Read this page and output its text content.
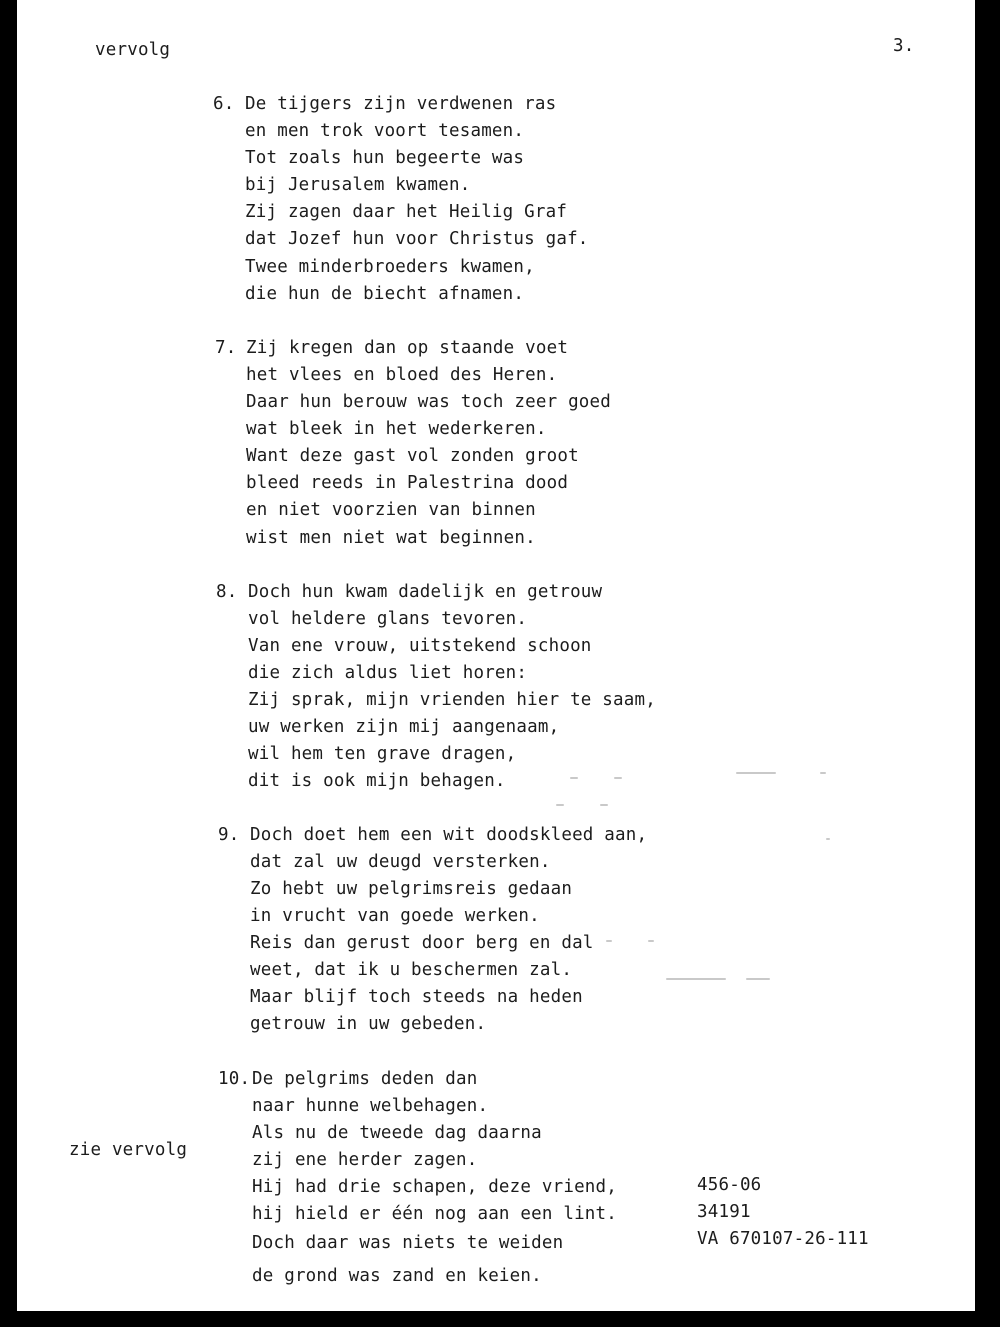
vervolg	3.
6. De tijgers zijn verdwenen ras
en men trok voort tesamen.
Tot zoals hun begeerte was
bij Jerusalem kwamen.
Zij zagen daar het Heilig Graf
dat Jozef hun voor Christus gaf.
Twee minderbroeders kwamen,
die hun de biecht afnamen.
7. Zij kregen dan op staande voet
het vlees en bloed des Heren.
Daar hun berouw was toch zeer goed
wat bleek in het wederkeren.
Want deze gast vol zonden groot
bleed reeds in Palestrina dood
en niet voorzien van binnen
wist men niet wat beginnen.
8. Doch hun kwam dadelijk en getrouw
vol heldere glans tevoren.
Van ene vrouw, uitstekend schoon
die zich aldus liet horen:
Zij sprak, mijn vrienden hier te saam,
uw werken zijn mij aangenaam,
wil hem ten grave dragen,
dit is ook mijn behagen.
9. Doch doet hem een wit doodskleed aan,
dat zal uw deugd versterken.
Zo hebt uw pelgrimsreis gedaan
in vrucht van goede werken.
Reis dan gerust door berg en dal
weet, dat ik u beschermen zal.
Maar blijf toch steeds na heden
getrouw in uw gebeden.
10. De pelgrims deden dan
naar hunne welbehagen.
Als nu de tweede dag daarna
zij ene herder zagen.
Hij had drie schapen, deze vriend,
hij hield er één nog aan een lint.
Doch daar was niets te weiden
de grond was zand en keien.
zie vervolg
456-06
34191
VA 670107-26-111
